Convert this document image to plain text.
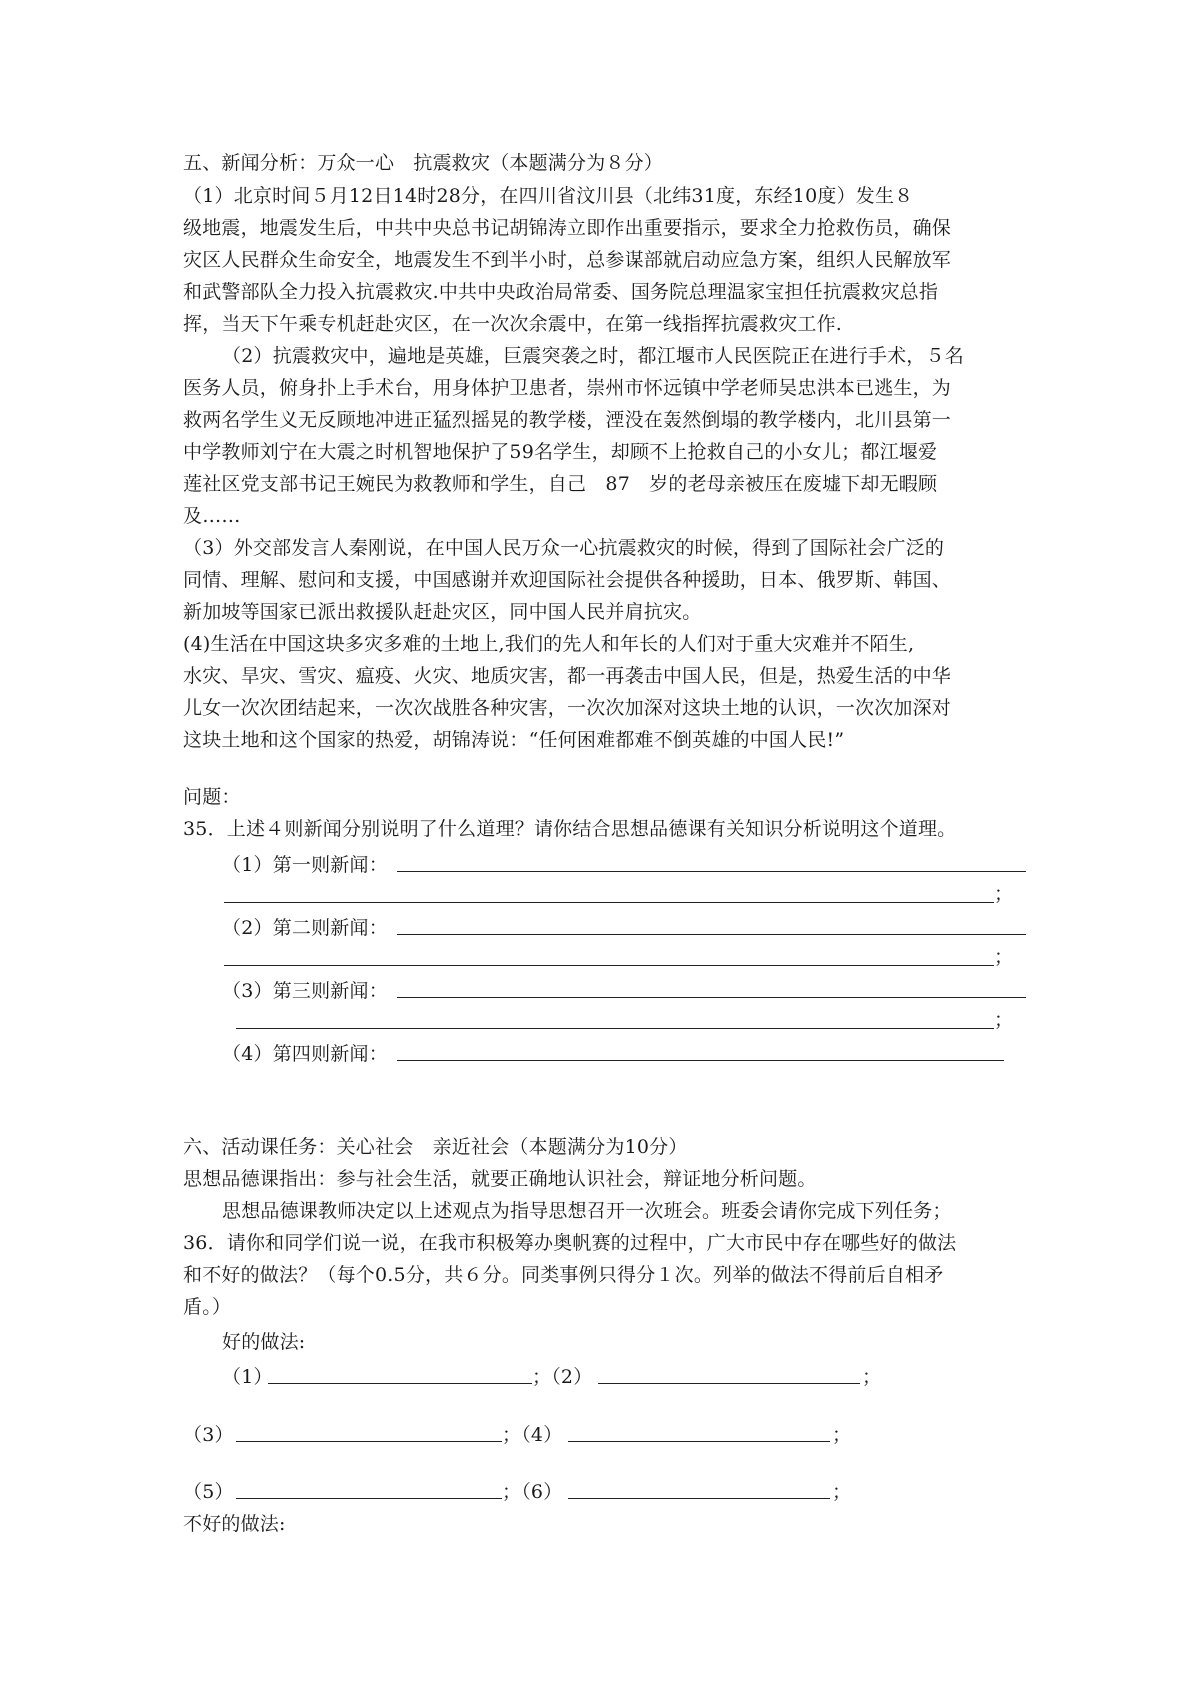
五、新闻分析：万众一心　抗震救灾（本题满分为８分）
（1）北京时间５月12日14时28分，在四川省汶川县（北纬31度，东经10度）发生８
级地震，地震发生后，中共中央总书记胡锦涛立即作出重要指示，要求全力抢救伤员，确保
灾区人民群众生命安全，地震发生不到半小时，总参谋部就启动应急方案，组织人民解放军
和武警部队全力投入抗震救灾.中共中央政治局常委、国务院总理温家宝担任抗震救灾总指
挥，当天下午乘专机赶赴灾区，在一次次余震中，在第一线指挥抗震救灾工作.
（2）抗震救灾中，遍地是英雄，巨震突袭之时，都江堰市人民医院正在进行手术，５名
医务人员，俯身扑上手术台，用身体护卫患者，崇州市怀远镇中学老师吴忠洪本已逃生，为
救两名学生义无反顾地冲进正猛烈摇晃的教学楼，湮没在轰然倒塌的教学楼内，北川县第一
中学教师刘宁在大震之时机智地保护了59名学生，却顾不上抢救自己的小女儿；都江堰爱
莲社区党支部书记王婉民为救教师和学生，自己　87　岁的老母亲被压在废墟下却无暇顾
及……
（3）外交部发言人秦刚说，在中国人民万众一心抗震救灾的时候，得到了国际社会广泛的
同情、理解、慰问和支援，中国感谢并欢迎国际社会提供各种援助，日本、俄罗斯、韩国、
新加坡等国家已派出救援队赶赴灾区，同中国人民并肩抗灾。
(4)生活在中国这块多灾多难的土地上,我们的先人和年长的人们对于重大灾难并不陌生,
水灾、旱灾、雪灾、瘟疫、火灾、地质灾害，都一再袭击中国人民，但是，热爱生活的中华
儿女一次次团结起来，一次次战胜各种灾害，一次次加深对这块土地的认识，一次次加深对
这块土地和这个国家的热爱，胡锦涛说：“任何困难都难不倒英雄的中国人民!”
问题：
35．上述４则新闻分别说明了什么道理？请你结合思想品德课有关知识分析说明这个道理。
（1）第一则新闻：
；
（2）第二则新闻：
；
（3）第三则新闻：
；
（4）第四则新闻：
六、活动课任务：关心社会　亲近社会（本题满分为10分）
思想品德课指出：参与社会生活，就要正确地认识社会，辩证地分析问题。
思想品德课教师决定以上述观点为指导思想召开一次班会。班委会请你完成下列任务；
36．请你和同学们说一说，在我市积极筹办奥帆赛的过程中，广大市民中存在哪些好的做法
和不好的做法？（每个0.5分，共６分。同类事例只得分１次。列举的做法不得前后自相矛
盾。）
好的做法:
（1）	；（2）	；
（3）	；（4）	；
（5）	；（6）	；
不好的做法:
